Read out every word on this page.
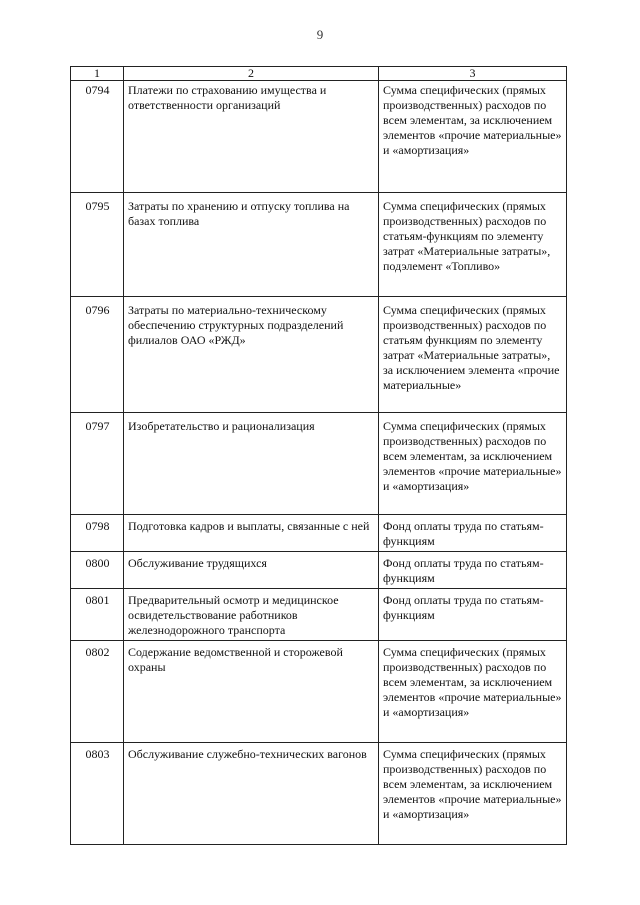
9
1	2	3
0794	Платежи по страхованию имущества и ответственности организаций	Сумма специфических (прямых производственных) расходов по всем элементам, за исключением элементов «прочие материальные» и «амортизация»
0795	Затраты по хранению и отпуску топлива на базах топлива	Сумма специфических (прямых производственных) расходов по статьям-функциям по элементу затрат «Материальные затраты», подэлемент «Топливо»
0796	Затраты по материально-техническому обеспечению структурных подразделений филиалов ОАО «РЖД»	Сумма специфических (прямых производственных) расходов по статьям функциям по элементу затрат «Материальные затраты», за исключением элемента «прочие материальные»
0797	Изобретательство и рационализация	Сумма специфических (прямых производственных) расходов по всем элементам, за исключением элементов «прочие материальные» и «амортизация»
0798	Подготовка кадров и выплаты, связанные с ней	Фонд оплаты труда по статьям-функциям
0800	Обслуживание трудящихся	Фонд оплаты труда по статьям-функциям
0801	Предварительный осмотр и медицинское освидетельствование работников железнодорожного транспорта	Фонд оплаты труда по статьям-функциям
0802	Содержание ведомственной и сторожевой охраны	Сумма специфических (прямых производственных) расходов по всем элементам, за исключением элементов «прочие материальные» и «амортизация»
0803	Обслуживание служебно-технических вагонов	Сумма специфических (прямых производственных) расходов по всем элементам, за исключением элементов «прочие материальные» и «амортизация»
